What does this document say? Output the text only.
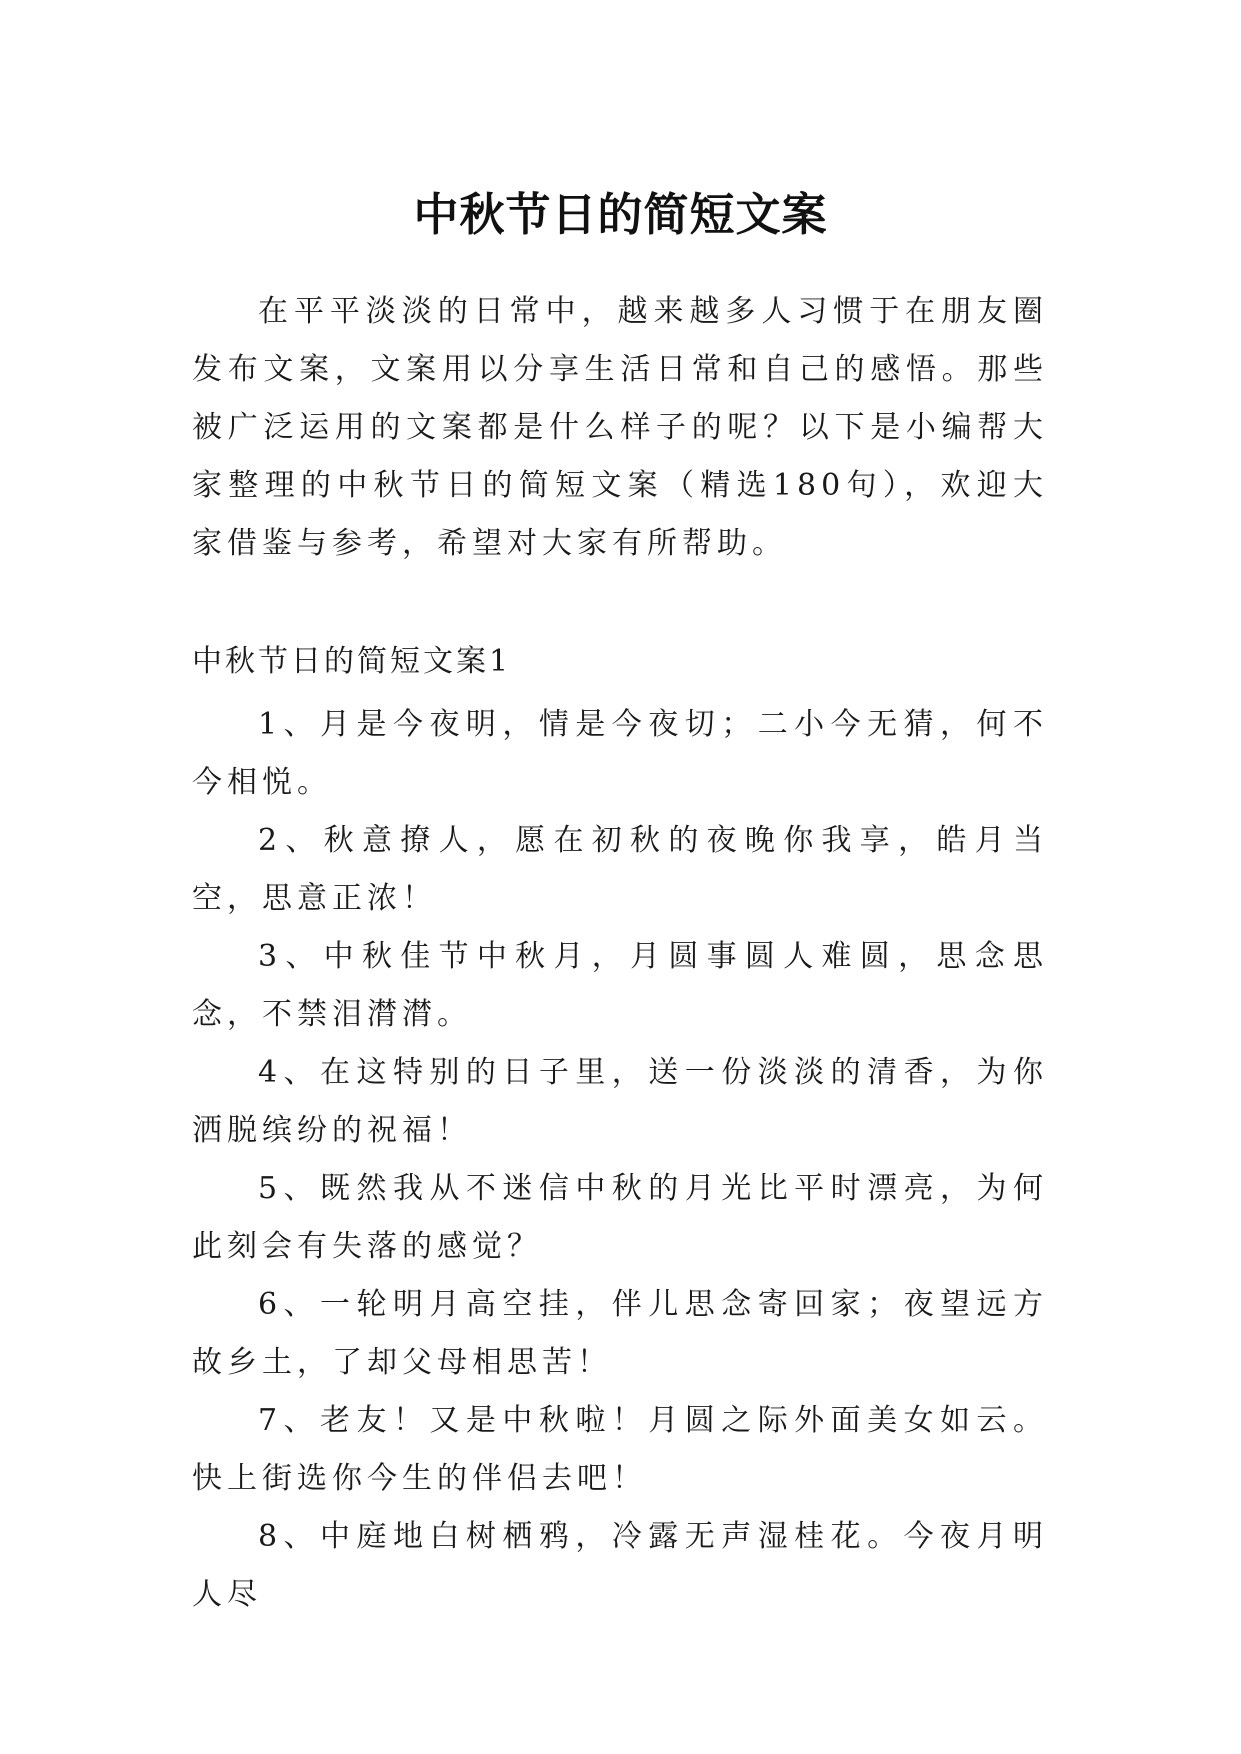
中秋节日的简短文案

在平平淡淡的日常中，越来越多人习惯于在朋友圈发布文案，文案用以分享生活日常和自己的感悟。那些被广泛运用的文案都是什么样子的呢？以下是小编帮大家整理的中秋节日的简短文案（精选180句），欢迎大家借鉴与参考，希望对大家有所帮助。

中秋节日的简短文案1

1、月是今夜明，情是今夜切；二小今无猜，何不今相悦。

2、秋意撩人，愿在初秋的夜晚你我享，皓月当空，思意正浓！

3、中秋佳节中秋月，月圆事圆人难圆，思念思念，不禁泪潸潸。

4、在这特别的日子里，送一份淡淡的清香，为你洒脱缤纷的祝福！

5、既然我从不迷信中秋的月光比平时漂亮，为何此刻会有失落的感觉？

6、一轮明月高空挂，伴儿思念寄回家；夜望远方故乡土，了却父母相思苦！

7、老友！又是中秋啦！月圆之际外面美女如云。快上街选你今生的伴侣去吧！

8、中庭地白树栖鸦，冷露无声湿桂花。今夜月明人尽
